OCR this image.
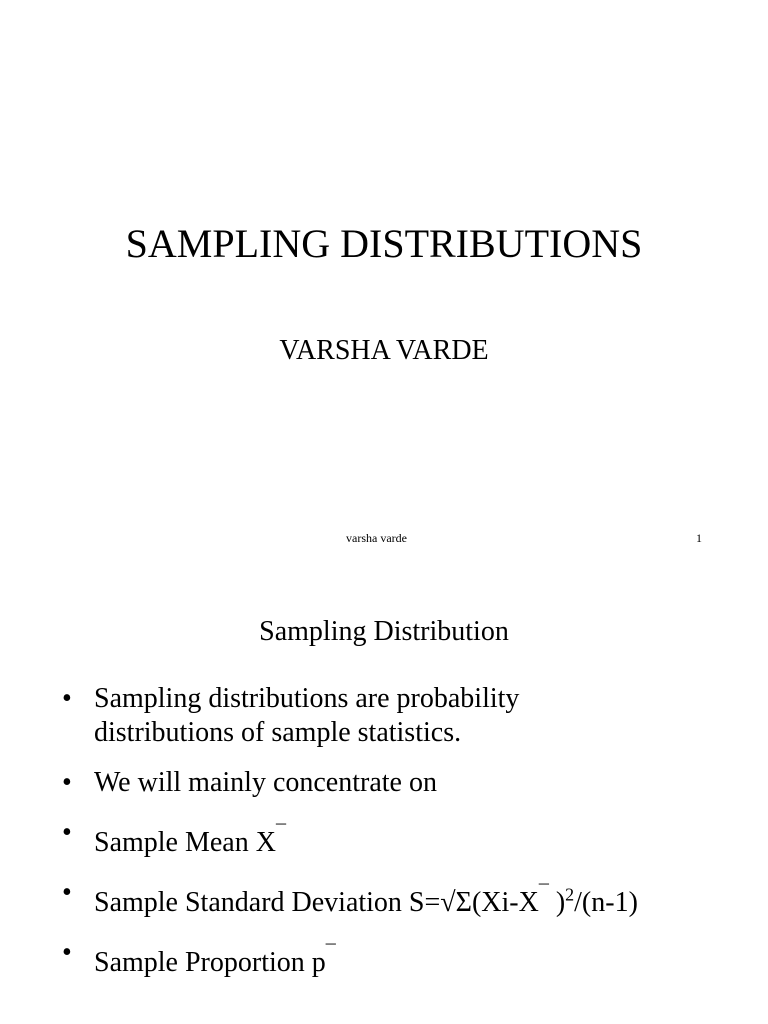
SAMPLING DISTRIBUTIONS
VARSHA VARDE
varsha varde	1
Sampling Distribution
• Sampling distributions are probability
distributions of sample statistics.
• We will mainly concentrate on
• Sample Mean X¯
• Sample Standard Deviation S=√Σ(Xi-X¯ )$^2$/(n-1)
• Sample Proportion p¯
